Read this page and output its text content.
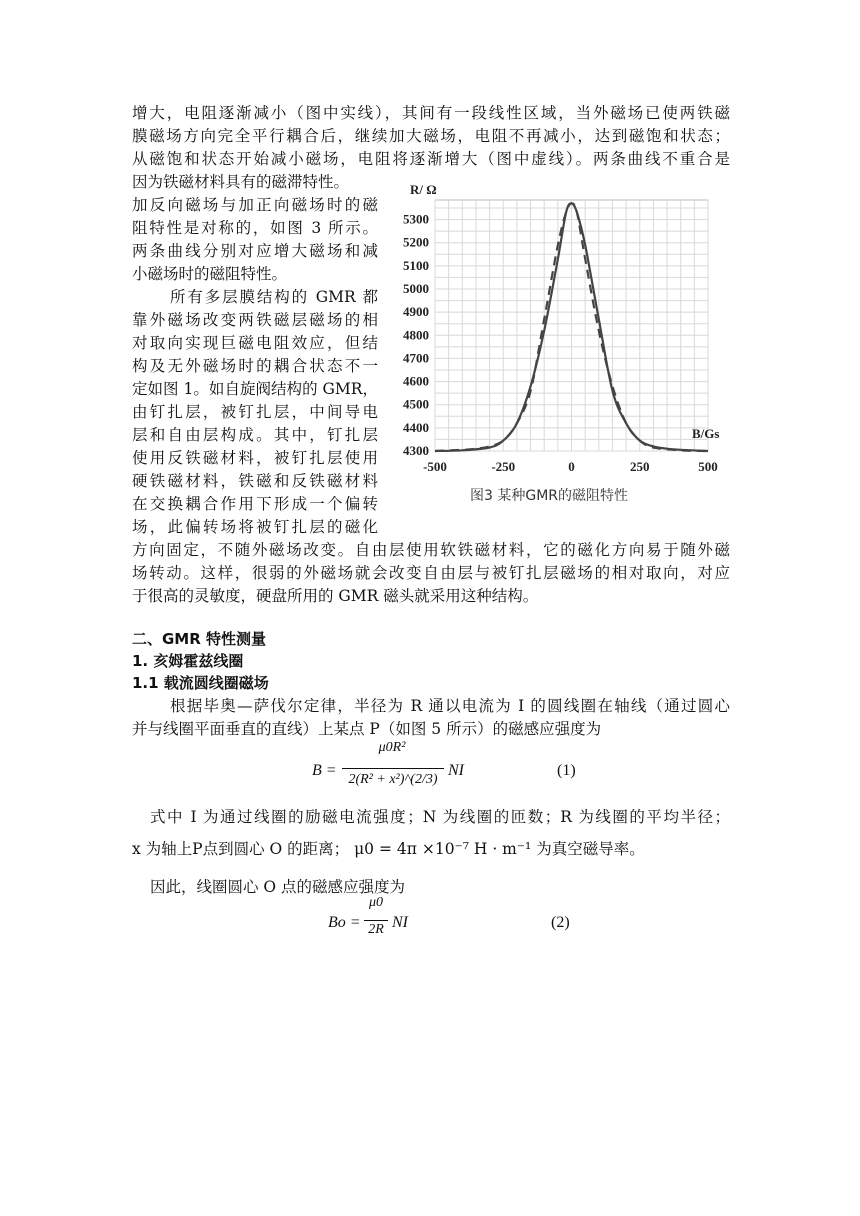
增大，电阻逐渐减小（图中实线），其间有一段线性区域，当外磁场已使两铁磁
膜磁场方向完全平行耦合后，继续加大磁场，电阻不再减小，达到磁饱和状态；
从磁饱和状态开始减小磁场，电阻将逐渐增大（图中虚线）。两条曲线不重合是
因为铁磁材料具有的磁滞特性。
加反向磁场与加正向磁场时的磁
阻特性是对称的，如图 3 所示。
两条曲线分别对应增大磁场和减
小磁场时的磁阻特性。
所有多层膜结构的 GMR 都
靠外磁场改变两铁磁层磁场的相
对取向实现巨磁电阻效应，但结
构及无外磁场时的耦合状态不一
定如图 1。如自旋阀结构的 GMR，
由钉扎层，被钉扎层，中间导电
层和自由层构成。其中，钉扎层
使用反铁磁材料，被钉扎层使用
硬铁磁材料，铁磁和反铁磁材料
在交换耦合作用下形成一个偏转
场，此偏转场将被钉扎层的磁化
方向固定，不随外磁场改变。自由层使用软铁磁材料，它的磁化方向易于随外磁
场转动。这样，很弱的外磁场就会改变自由层与被钉扎层磁场的相对取向，对应
于很高的灵敏度，硬盘所用的 GMR 磁头就采用这种结构。
4300
4400
4500
4600
4700
4800
4900
5000
5100
5200
5300
-500	-250	0	250	500
R/ Ω
B/Gs
图3 某种GMR的磁阻特性
二、GMR 特性测量
1. 亥姆霍兹线圈
1.1 载流圆线圈磁场
根据毕奥—萨伐尔定律，半径为 R 通以电流为 I 的圆线圈在轴线（通过圆心
并与线圈平面垂直的直线）上某点 P（如图 5 所示）的磁感应强度为
B =
μ0R²
2(R² + x²)^(2/3)
NI	(1)
式中 I 为通过线圈的励磁电流强度；N 为线圈的匝数；R 为线圈的平均半径；
x 为轴上P点到圆心 O 的距离； μ0 = 4π ×10⁻⁷ H · m⁻¹ 为真空磁导率。
因此，线圈圆心 O 点的磁感应强度为
Bo =
μ0
2R NI	(2)
